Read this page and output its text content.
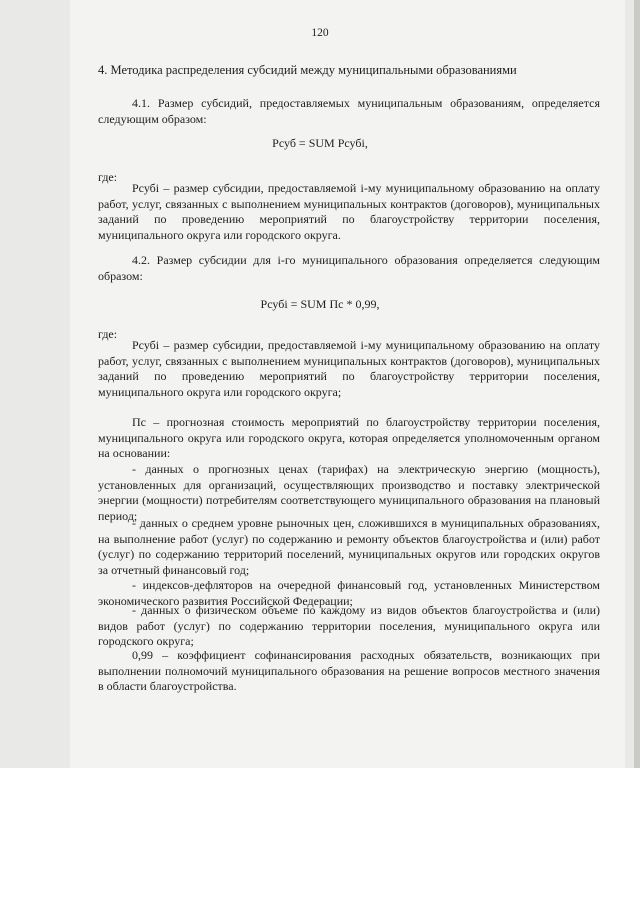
120
4. Методика распределения субсидий между муниципальными образованиями
4.1. Размер субсидий, предоставляемых муниципальным образованиям, определяется следующим образом:
Pсуб = SUM Pсубi,
где:
Pсубi – размер субсидии, предоставляемой i-му муниципальному образованию на оплату работ, услуг, связанных с выполнением муниципальных контрактов (договоров), муниципальных заданий по проведению мероприятий по благоустройству территории поселения, муниципального округа или городского округа.
4.2. Размер субсидии для i-го муниципального образования определяется следующим образом:
Pсубi = SUM Пс * 0,99,
где:
Pсубi – размер субсидии, предоставляемой i-му муниципальному образованию на оплату работ, услуг, связанных с выполнением муниципальных контрактов (договоров), муниципальных заданий по проведению мероприятий по благоустройству территории поселения, муниципального округа или городского округа;
Пс – прогнозная стоимость мероприятий по благоустройству территории поселения, муниципального округа или городского округа, которая определяется уполномоченным органом на основании:
- данных о прогнозных ценах (тарифах) на электрическую энергию (мощность), установленных для организаций, осуществляющих производство и поставку электрической энергии (мощности) потребителям соответствующего муниципального образования на плановый период;
- данных о среднем уровне рыночных цен, сложившихся в муниципальных образованиях, на выполнение работ (услуг) по содержанию и ремонту объектов благоустройства и (или) работ (услуг) по содержанию территорий поселений, муниципальных округов или городских округов за отчетный финансовый год;
- индексов-дефляторов на очередной финансовый год, установленных Министерством экономического развития Российской Федерации;
- данных о физическом объеме по каждому из видов объектов благоустройства и (или) видов работ (услуг) по содержанию территории поселения, муниципального округа или городского округа;
0,99 – коэффициент софинансирования расходных обязательств, возникающих при выполнении полномочий муниципального образования на решение вопросов местного значения в области благоустройства.
